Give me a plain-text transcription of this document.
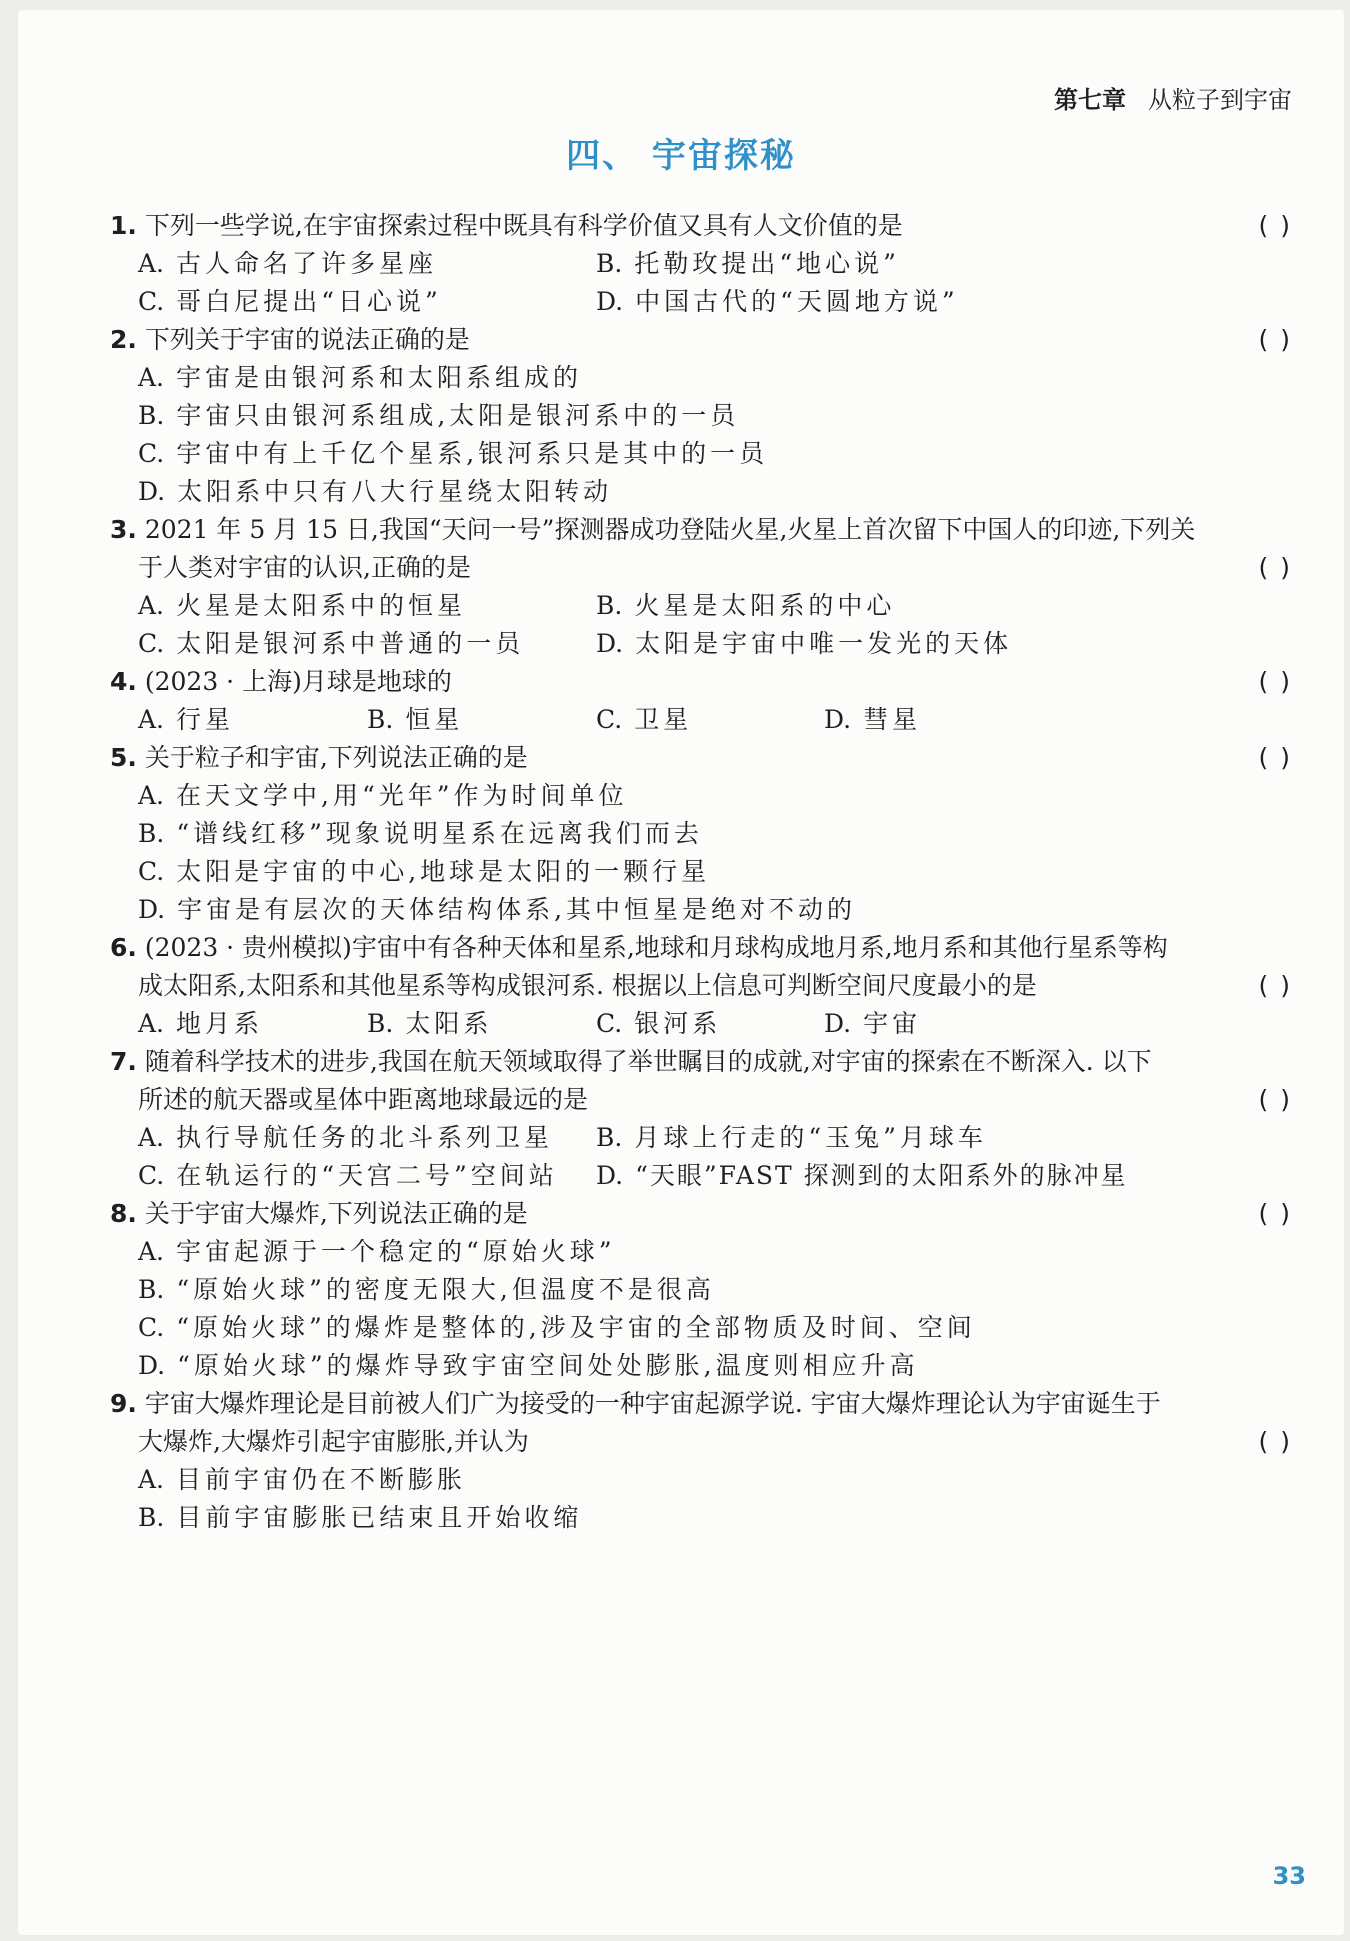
第七章 从粒子到宇宙
四、 宇宙探秘
1. 下列一些学说,在宇宙探索过程中既具有科学价值又具有人文价值的是	( )
A. 古人命名了许多星座	B. 托勒玫提出“地心说”
C. 哥白尼提出“日心说”	D. 中国古代的“天圆地方说”
2. 下列关于宇宙的说法正确的是	( )
A. 宇宙是由银河系和太阳系组成的
B. 宇宙只由银河系组成,太阳是银河系中的一员
C. 宇宙中有上千亿个星系,银河系只是其中的一员
D. 太阳系中只有八大行星绕太阳转动
3. 2021 年 5 月 15 日,我国“天问一号”探测器成功登陆火星,火星上首次留下中国人的印迹,下列关
于人类对宇宙的认识,正确的是	( )
A. 火星是太阳系中的恒星	B. 火星是太阳系的中心
C. 太阳是银河系中普通的一员	D. 太阳是宇宙中唯一发光的天体
4. (2023 · 上海)月球是地球的	( )
A. 行星	B. 恒星	C. 卫星	D. 彗星
5. 关于粒子和宇宙,下列说法正确的是	( )
A. 在天文学中,用“光年”作为时间单位
B. “谱线红移”现象说明星系在远离我们而去
C. 太阳是宇宙的中心,地球是太阳的一颗行星
D. 宇宙是有层次的天体结构体系,其中恒星是绝对不动的
6. (2023 · 贵州模拟)宇宙中有各种天体和星系,地球和月球构成地月系,地月系和其他行星系等构
成太阳系,太阳系和其他星系等构成银河系. 根据以上信息可判断空间尺度最小的是	( )
A. 地月系	B. 太阳系	C. 银河系	D. 宇宙
7. 随着科学技术的进步,我国在航天领域取得了举世瞩目的成就,对宇宙的探索在不断深入. 以下
所述的航天器或星体中距离地球最远的是	( )
A. 执行导航任务的北斗系列卫星 B. 月球上行走的“玉兔”月球车
C. 在轨运行的“天宫二号”空间站 D. “天眼”FAST 探测到的太阳系外的脉冲星
8. 关于宇宙大爆炸,下列说法正确的是	( )
A. 宇宙起源于一个稳定的“原始火球”
B. “原始火球”的密度无限大,但温度不是很高
C. “原始火球”的爆炸是整体的,涉及宇宙的全部物质及时间、空间
D. “原始火球”的爆炸导致宇宙空间处处膨胀,温度则相应升高
9. 宇宙大爆炸理论是目前被人们广为接受的一种宇宙起源学说. 宇宙大爆炸理论认为宇宙诞生于
大爆炸,大爆炸引起宇宙膨胀,并认为	( )
A. 目前宇宙仍在不断膨胀
B. 目前宇宙膨胀已结束且开始收缩
33
